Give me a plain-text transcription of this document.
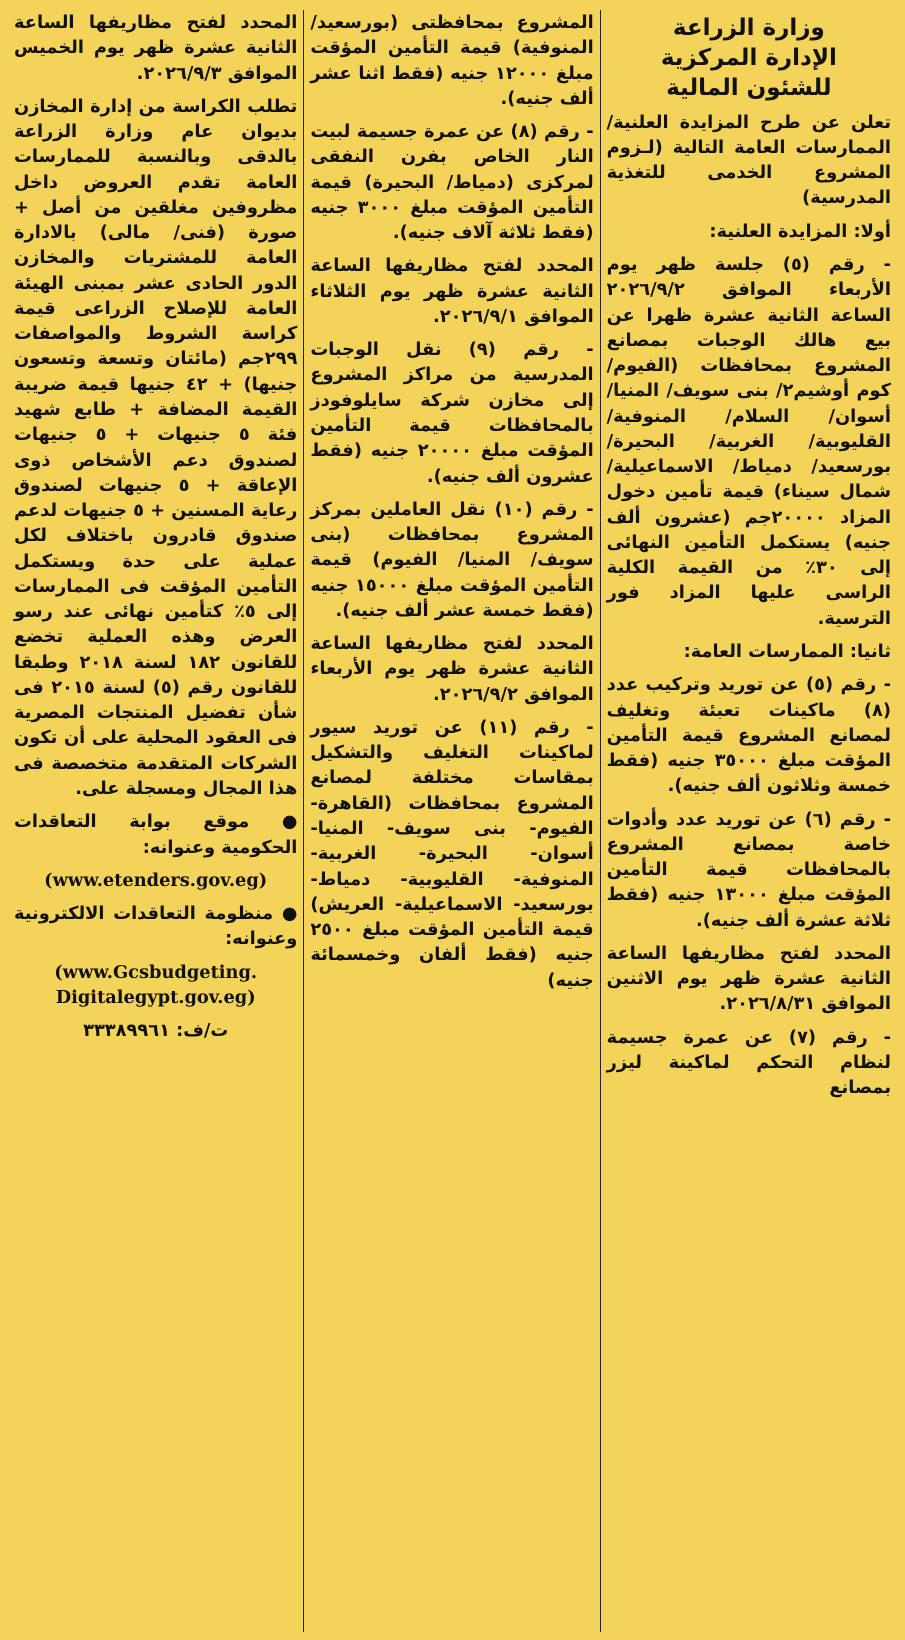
وزارة الزراعة
الإدارة المركزية
للشئون المالية

تعلن عن طرح المزايدة العلنية/ الممارسات العامة التالية (لـزوم المشروع الخدمى للتغذية المدرسية)

أولا: المزايدة العلنية:

- رقم (٥) جلسة ظهر يوم الأربعاء الموافق ٢٠٢٦/٩/٢ الساعة الثانية عشرة ظهرا عن بيع هالك الوجبات بمصانع المشروع بمحافظات (الفيوم/ كوم أوشيم٢/ بنى سويف/ المنيا/ أسوان/ السلام/ المنوفية/ القليوبية/ الغربية/ البحيرة/ بورسعيد/ دمياط/ الاسماعيلية/ شمال سيناء) قيمة تأمين دخول المزاد ٢٠٠٠٠جم (عشرون ألف جنيه) يستكمل التأمين النهائى إلى ٣٠٪ من القيمة الكلية الراسى عليها المزاد فور الترسية.

ثانيا: الممارسات العامة:

- رقم (٥) عن توريد وتركيب عدد (٨) ماكينات تعبئة وتغليف لمصانع المشروع قيمة التأمين المؤقت مبلغ ٣٥٠٠٠ جنيه (فقط خمسة وثلاثون ألف جنيه).

- رقم (٦) عن توريد عدد وأدوات خاصة بمصانع المشروع بالمحافظات قيمة التأمين المؤقت مبلغ ١٣٠٠٠ جنيه (فقط ثلاثة عشرة ألف جنيه).

المحدد لفتح مظاريفها الساعة الثانية عشرة ظهر يوم الاثنين الموافق ٢٠٢٦/٨/٣١.

- رقم (٧) عن عمرة جسيمة لنظام التحكم لماكينة ليزر بمصانع

المشروع بمحافظتى (بورسعيد/ المنوفية) قيمة التأمين المؤقت مبلغ ١٢٠٠٠ جنيه (فقط اثنا عشر ألف جنيه).

- رقم (٨) عن عمرة جسيمة لبيت النار الخاص بفرن النفقى لمركزى (دمياط/ البحيرة) قيمة التأمين المؤقت مبلغ ٣٠٠٠ جنيه (فقط ثلاثة آلاف جنيه).

المحدد لفتح مظاريفها الساعة الثانية عشرة ظهر يوم الثلاثاء الموافق ٢٠٢٦/٩/١.

- رقم (٩) نقل الوجبات المدرسية من مراكز المشروع إلى مخازن شركة سايلوفودز بالمحافظات قيمة التأمين المؤقت مبلغ ٢٠٠٠٠ جنيه (فقط عشرون ألف جنيه).

- رقم (١٠) نقل العاملين بمركز المشروع بمحافظات (بنى سويف/ المنيا/ الفيوم) قيمة التأمين المؤقت مبلغ ١٥٠٠٠ جنيه (فقط خمسة عشر ألف جنيه).

المحدد لفتح مظاريفها الساعة الثانية عشرة ظهر يوم الأربعاء الموافق ٢٠٢٦/٩/٢.

- رقم (١١) عن توريد سيور لماكينات التغليف والتشكيل بمقاسات مختلفة لمصانع المشروع بمحافظات (القاهرة- الفيوم- بنى سويف- المنيا- أسوان- البحيرة- الغربية- المنوفية- القليوبية- دمياط- بورسعيد- الاسماعيلية- العريش) قيمة التأمين المؤقت مبلغ ٢٥٠٠ جنيه (فقط ألفان وخمسمائة جنيه)

المحدد لفتح مظاريفها الساعة الثانية عشرة ظهر يوم الخميس الموافق ٢٠٢٦/٩/٣.

تطلب الكراسة من إدارة المخازن بديوان عام وزارة الزراعة بالدقى وبالنسبة للممارسات العامة تقدم العروض داخل مظروفين مغلقين من أصل + صورة (فنى/ مالى) بالادارة العامة للمشتريات والمخازن الدور الحادى عشر بمبنى الهيئة العامة للإصلاح الزراعى قيمة كراسة الشروط والمواصفات ٢٩٩جم (مائتان وتسعة وتسعون جنيها) + ٤٢ جنيها قيمة ضريبة القيمة المضافة + طابع شهيد فئة ٥ جنيهات + ٥ جنيهات لصندوق دعم الأشخاص ذوى الإعاقة + ٥ جنيهات لصندوق رعاية المسنين + ٥ جنيهات لدعم صندوق قادرون باختلاف لكل عملية على حدة ويستكمل التأمين المؤقت فى الممارسات إلى ٥٪ كتأمين نهائى عند رسو العرض وهذه العملية تخضع للقانون ١٨٢ لسنة ٢٠١٨ وطبقا للقانون رقم (٥) لسنة ٢٠١٥ فى شأن تفضيل المنتجات المصرية فى العقود المحلية على أن تكون الشركات المتقدمة متخصصة فى هذا المجال ومسجلة على.

● موقع بوابة التعاقدات الحكومية وعنوانه:

(www.etenders.gov.eg)

● منظومة التعاقدات الالكترونية وعنوانه:

(www.Gcsbudgeting. Digitalegypt.gov.eg)

ت/ف: ٣٣٣٨٩٩٦١
